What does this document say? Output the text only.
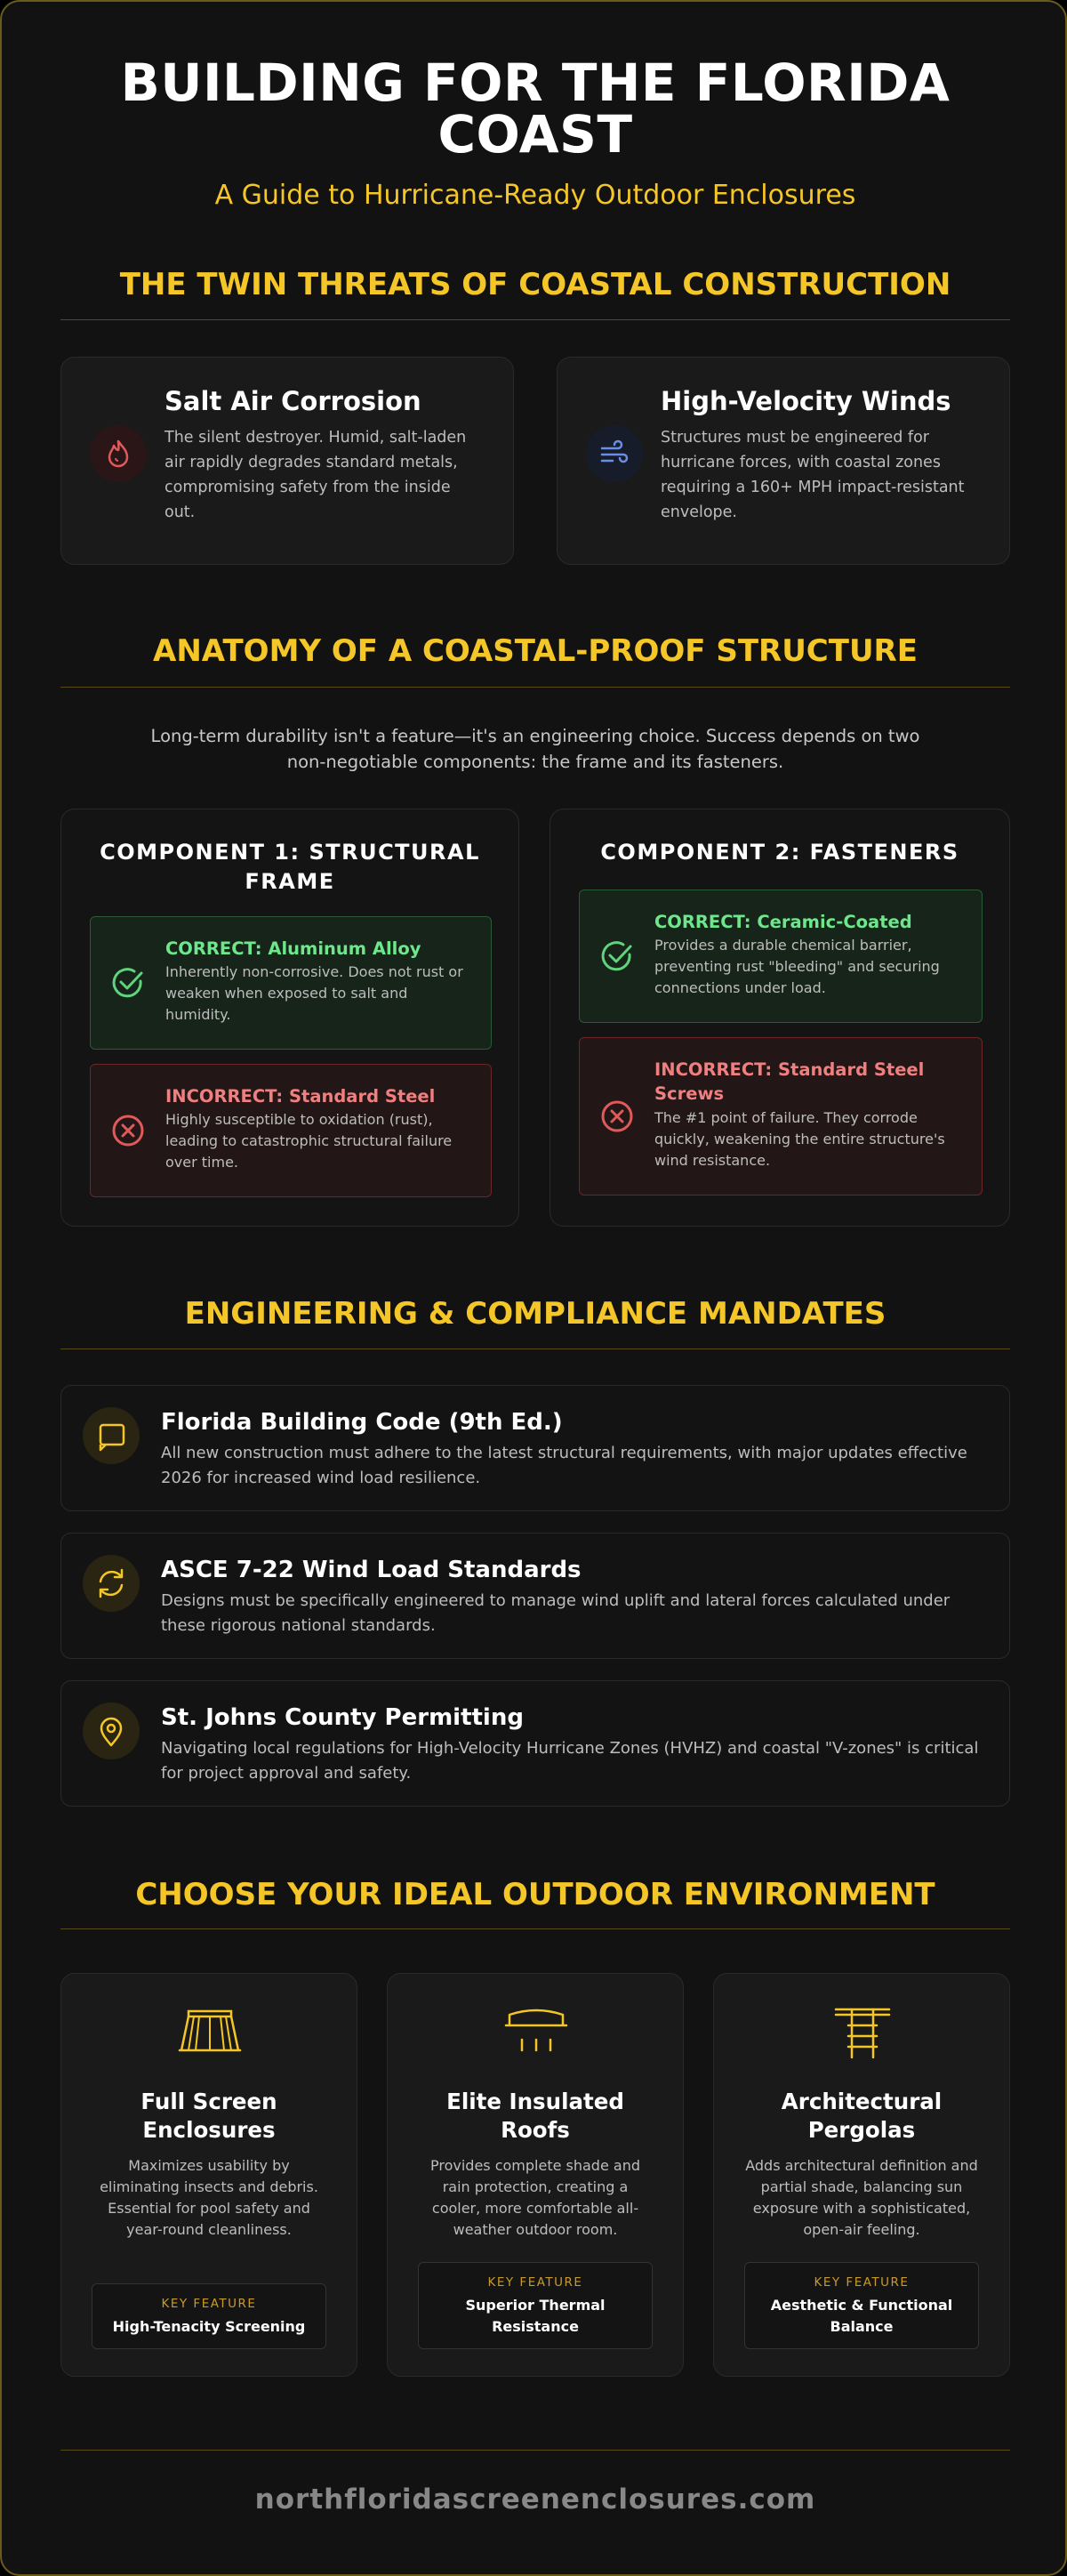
BUILDING FOR THE FLORIDA
COAST
A Guide to Hurricane-Ready Outdoor Enclosures
THE TWIN THREATS OF COASTAL CONSTRUCTION
Salt Air Corrosion
The silent destroyer. Humid, salt-laden air rapidly degrades standard metals, compromising safety from the inside out.
High-Velocity Winds
Structures must be engineered for hurricane forces, with coastal zones requiring a 160+ MPH impact-resistant envelope.
ANATOMY OF A COASTAL-PROOF STRUCTURE
Long-term durability isn't a feature—it's an engineering choice. Success depends on two
non-negotiable components: the frame and its fasteners.
COMPONENT 1: STRUCTURAL
FRAME
CORRECT: Aluminum Alloy
Inherently non-corrosive. Does not rust or weaken when exposed to salt and humidity.
INCORRECT: Standard Steel
Highly susceptible to oxidation (rust), leading to catastrophic structural failure over time.
COMPONENT 2: FASTENERS
CORRECT: Ceramic-Coated
Provides a durable chemical barrier, preventing rust "bleeding" and securing connections under load.
INCORRECT: Standard Steel
Screws
The #1 point of failure. They corrode quickly, weakening the entire structure's wind resistance.
ENGINEERING & COMPLIANCE MANDATES
Florida Building Code (9th Ed.)
All new construction must adhere to the latest structural requirements, with major updates effective 2026 for increased wind load resilience.
ASCE 7-22 Wind Load Standards
Designs must be specifically engineered to manage wind uplift and lateral forces calculated under these rigorous national standards.
St. Johns County Permitting
Navigating local regulations for High-Velocity Hurricane Zones (HVHZ) and coastal "V-zones" is critical for project approval and safety.
CHOOSE YOUR IDEAL OUTDOOR ENVIRONMENT
Full Screen
Enclosures
Maximizes usability by eliminating insects and debris. Essential for pool safety and year-round cleanliness.
KEY FEATURE
High-Tenacity Screening
Elite Insulated
Roofs
Provides complete shade and rain protection, creating a cooler, more comfortable all-weather outdoor room.
KEY FEATURE
Superior Thermal
Resistance
Architectural
Pergolas
Adds architectural definition and partial shade, balancing sun exposure with a sophisticated, open-air feeling.
KEY FEATURE
Aesthetic & Functional
Balance
northfloridascreenenclosures.com
